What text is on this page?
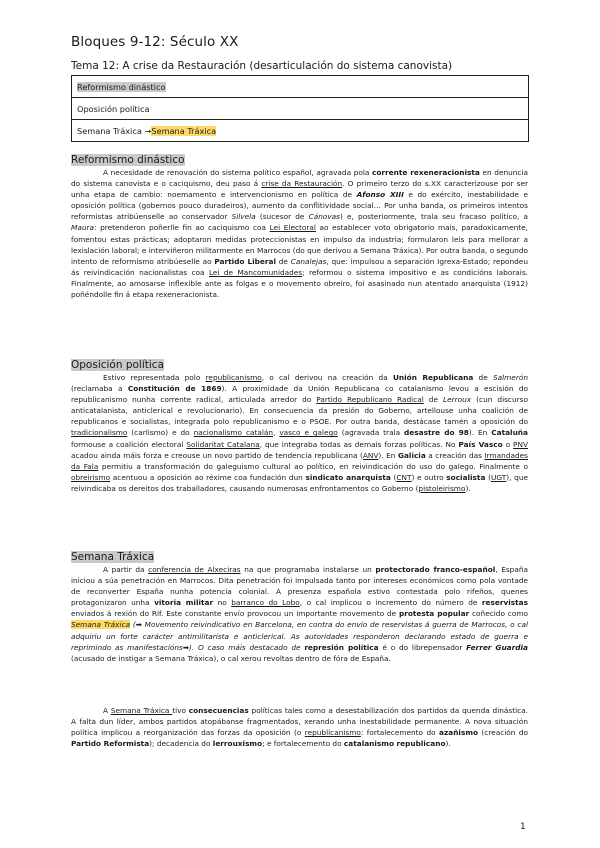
Bloques 9-12: Século XX
Tema 12: A crise da Restauración (desarticulación do sistema canovista)
Reformismo dinástico
Oposición política
Semana Tráxica → Semana Tráxica
Reformismo dinástico

A necesidade de renovación do sistema político español, agravada pola corrente rexeneracionista en denuncia do sistema canovista e o caciquismo, deu paso á crise da Restauración. O primeiro terzo do s.XX caracterizouse por ser unha etapa de cambio: noemamento e intervencionismo en política de Afonso XIII e do exército, inestabilidade e oposición política (gobernos pouco duradeiros), aumento da conflitividade social… Por unha banda, os primeiros intentos reformistas atribúenselle ao conservador Silvela (sucesor de Cánovas) e, posteriormente, trala seu fracaso político, a Maura: pretenderon poñerlle fin ao caciquismo coa Lei Electoral ao establecer voto obrigatorio mais, paradoxicamente, fomentou estas prácticas; adoptaron medidas proteccionistas en impulso da industria; formularon leis para mellorar a lexislación laboral; e interviñeron militarmente en Marrocos (do que derivou a Semana Tráxica). Por outra banda, o segundo intento de reformismo atribúeselle ao Partido Liberal de Canalejas, que: impulsou a separación Igrexa-Estado; repondeu ás reivindicación nacionalistas coa Lei de Mancomunidades; reformou o sistema impositivo e as condicións laborais. Finalmente, ao amosarse inflexible ante as folgas e o movemento obreiro, foi asasinado nun atentado anarquista (1912) poñéndolle fin á etapa rexeneracionista.

Oposición política

Estivo representada polo republicanismo, o cal derivou na creación da Unión Republicana de Salmerón (reclamaba a Constitución de 1869). A proximidade da Unión Republicana co catalanismo levou a escisión do republicanismo nunha corrente radical, articulada arredor do Partido Republicano Radical de Lerroux (cun discurso anticatalanista, anticlerical e revolucionario). En consecuencia da presión do Goberno, artellouse unha coalición de republicanos e socialistas, integrada polo republicanismo e o PSOE. Por outra banda, destácase tamén a oposición do tradicionalismo (carlismo) e do nacionalismo catalán, vasco e galego (agravada trala desastre do 98). En Cataluña formouse a coalición electoral Solidaritat Catalana, que integraba todas as demais forzas políticas. No País Vasco o PNV acadou ainda máis forza e creouse un novo partido de tendencia republicana (ANV). En Galicia a creación das Irmandades da Fala permitiu a transformación do galeguismo cultural ao político, en reivindicación do uso do galego. Finalmente o obreirismo acentuou a oposición ao réxime coa fundación dun sindicato anarquista (CNT) e outro socialista (UGT), que reivindicaba os dereitos dos traballadores, causando numerosas enfrontamentos co Goberno (pistoleirismo).

Semana Tráxica

A partir da conferencia de Alxeciras na que programaba instalarse un protectorado franco-español, España iniciou a súa penetración en Marrocos. Dita penetración foi impulsada tanto por intereses económicos como pola vontade de reconverter España nunha potencia colonial. A presenza española estivo contestada polo rifeños, quenes protagonizaron unha vitoria militar no barranco do Lobo, o cal implicou o incremento do número de reservistas enviados á rexión do Rif. Este constante envío provocou un importante movemento de protesta popular coñecido como Semana Tráxica (➡ Movemento reivindicativo en Barcelona, en contra do envío de reservistas á guerra de Marrocos, o cal adquiriu un forte carácter antimilitarista e anticlerical. As autoridades responderon declarando estado de guerra e reprimindo as manifestacións➡). O caso máis destacado de represión política é o do librepensador Ferrer Guardia (acusado de instigar a Semana Tráxica), o cal xerou revoltas dentro de fóra de España.

A Semana Tráxica tivo consecuencias políticas tales como a desestabilización dos partidos da quenda dinástica. A falta dun líder, ambos partidos atopábanse fragmentados, xerando unha inestabilidade permanente. A nova situación política implicou a reorganización das forzas da oposición (o republicanismo: fortalecemento do azañismo (creación do Partido Reformista); decadencia do lerrouxismo; e fortalecemento do catalanismo republicano).

1
